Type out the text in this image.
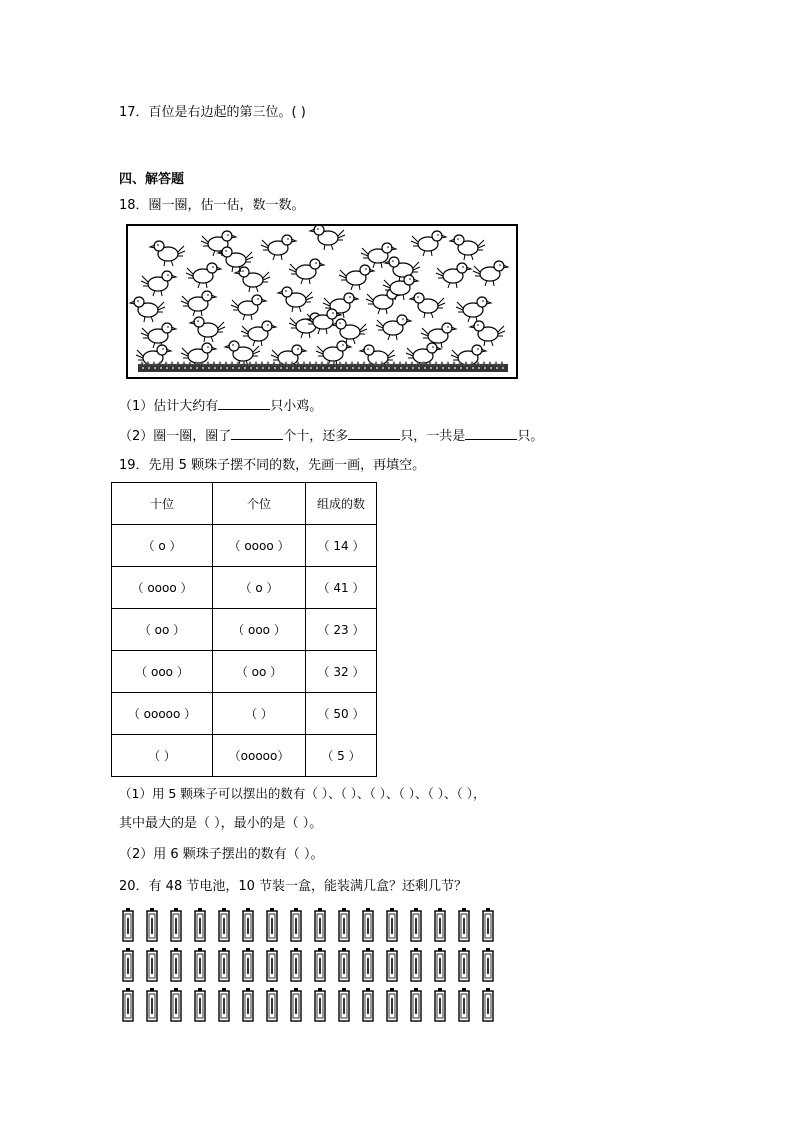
17．百位是右边起的第三位。( )
四、解答题
18．圈一圈，估一估，数一数。
（1）估计大约有	只小鸡。
（2）圈一圈，圈了	个十，还多	只，一共是	只。
19．先用 5 颗珠子摆不同的数，先画一画，再填空。
十位	个位	组成的数
（ ο ）	（ οοοο ）	（ 14 ）
（ οοοο ）	（ ο ）	（ 41 ）
（ οο ）	（ οοο ）	（ 23 ）
（ οοο ）	（ οο ）	（ 32 ）
（ οοοοο ）	（ ）	（ 50 ）
（ ）	（οοοοο）	（ 5 ）
（1）用 5 颗珠子可以摆出的数有（ ）、（ ）、（ ）、（ ）、（ ）、（ ），
其中最大的是（ ），最小的是（ ）。
（2）用 6 颗珠子摆出的数有（ ）。
20．有 48 节电池，10 节装一盒，能装满几盒？还剩几节？
